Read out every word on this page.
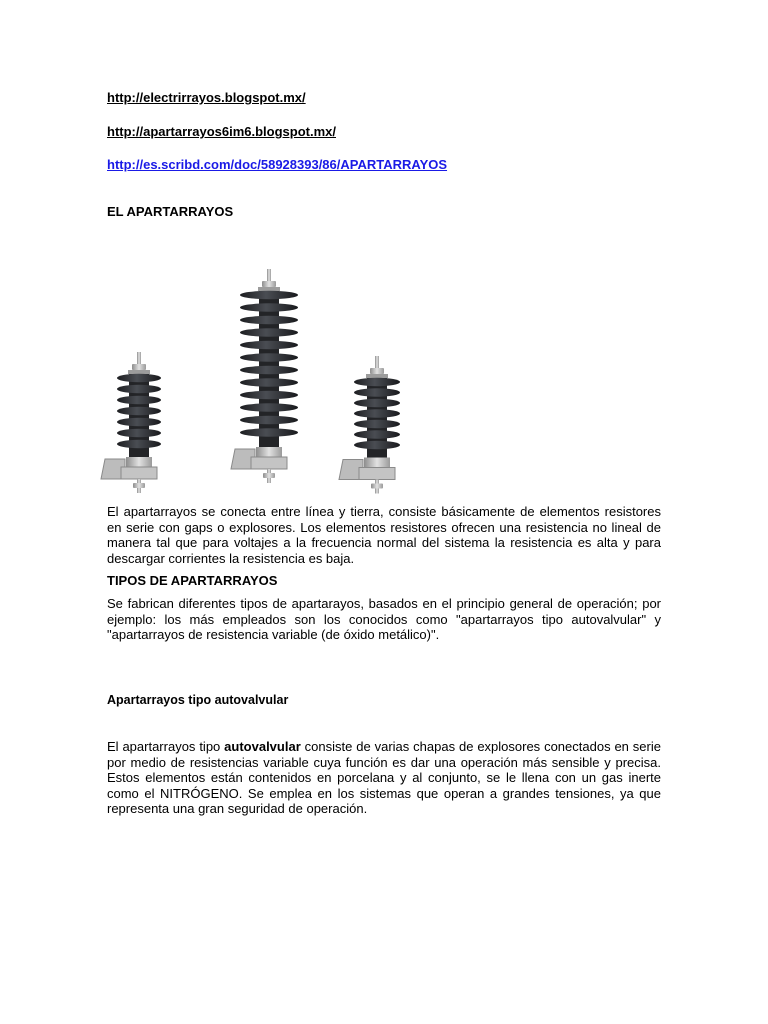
http://electrirrayos.blogspot.mx/
http://apartarrayos6im6.blogspot.mx/
http://es.scribd.com/doc/58928393/86/APARTARRAYOS
EL APARTARRAYOS

El apartarrayos se conecta entre línea y tierra, consiste básicamente de elementos resistores en serie con gaps o explosores. Los elementos resistores ofrecen una resistencia no lineal de manera tal que para voltajes a la frecuencia normal del sistema la resistencia es alta y para descargar corrientes la resistencia es baja.

TIPOS DE APARTARRAYOS

Se fabrican diferentes tipos de apartarayos, basados en el principio general de operación; por ejemplo: los más empleados son los conocidos como "apartarrayos tipo autovalvular" y "apartarrayos de resistencia variable (de óxido metálico)".

Apartarrayos tipo autovalvular

El apartarrayos tipo autovalvular consiste de varias chapas de explosores conectados en serie por medio de resistencias variable cuya función es dar una operación más sensible y precisa. Estos elementos están contenidos en porcelana y al conjunto, se le llena con un gas inerte como el NITRÓGENO. Se emplea en los sistemas que operan a grandes tensiones, ya que representa una gran seguridad de operación.
